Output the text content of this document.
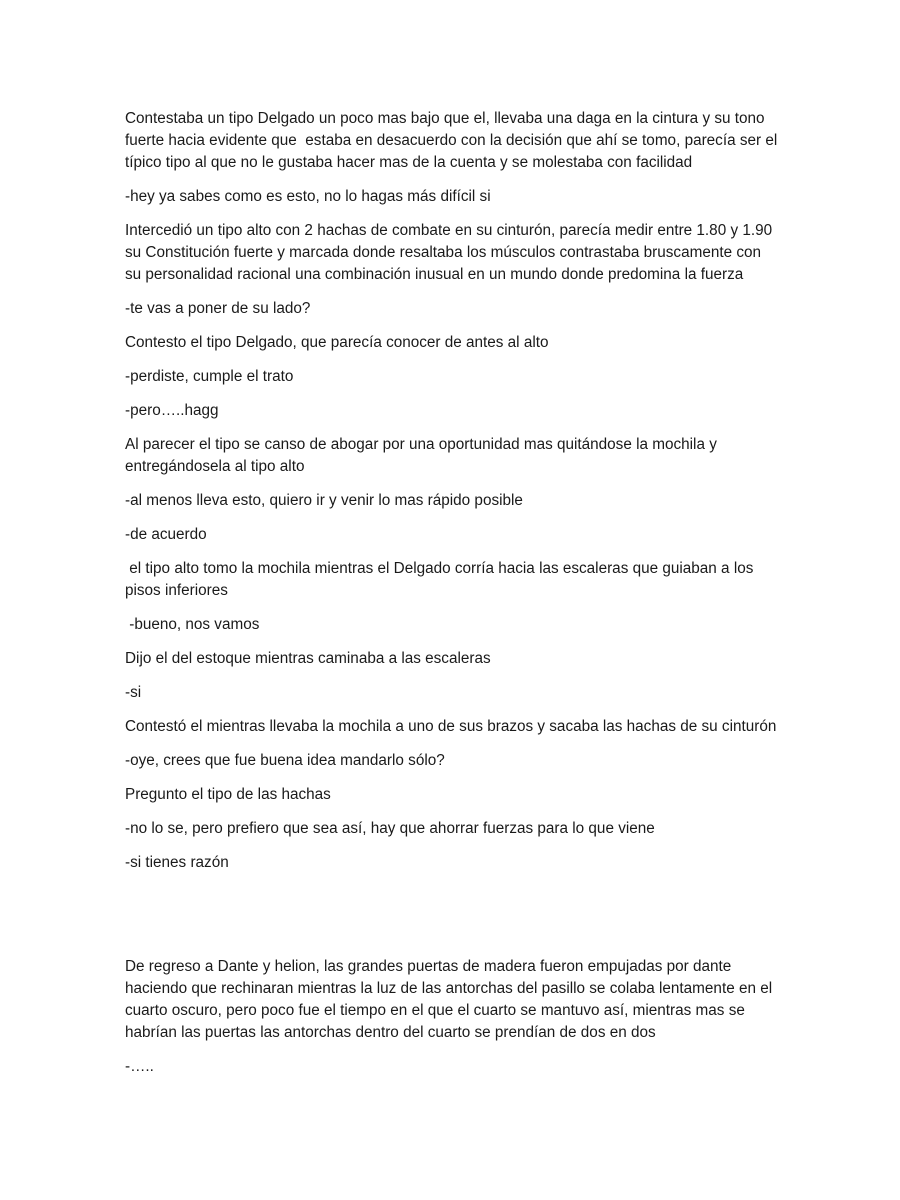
Contestaba un tipo Delgado un poco mas bajo que el, llevaba una daga en la cintura y su tono fuerte hacia evidente que  estaba en desacuerdo con la decisión que ahí se tomo, parecía ser el típico tipo al que no le gustaba hacer mas de la cuenta y se molestaba con facilidad

-hey ya sabes como es esto, no lo hagas más difícil si

Intercedió un tipo alto con 2 hachas de combate en su cinturón, parecía medir entre 1.80 y 1.90 su Constitución fuerte y marcada donde resaltaba los músculos contrastaba bruscamente con su personalidad racional una combinación inusual en un mundo donde predomina la fuerza

-te vas a poner de su lado?

Contesto el tipo Delgado, que parecía conocer de antes al alto

-perdiste, cumple el trato

-pero…..hagg

Al parecer el tipo se canso de abogar por una oportunidad mas quitándose la mochila y entregándosela al tipo alto

-al menos lleva esto, quiero ir y venir lo mas rápido posible

-de acuerdo

el tipo alto tomo la mochila mientras el Delgado corría hacia las escaleras que guiaban a los pisos inferiores

-bueno, nos vamos

Dijo el del estoque mientras caminaba a las escaleras

-si

Contestó el mientras llevaba la mochila a uno de sus brazos y sacaba las hachas de su cinturón

-oye, crees que fue buena idea mandarlo sólo?

Pregunto el tipo de las hachas

-no lo se, pero prefiero que sea así, hay que ahorrar fuerzas para lo que viene

-si tienes razón

De regreso a Dante y helion, las grandes puertas de madera fueron empujadas por dante haciendo que rechinaran mientras la luz de las antorchas del pasillo se colaba lentamente en el cuarto oscuro, pero poco fue el tiempo en el que el cuarto se mantuvo así, mientras mas se habrían las puertas las antorchas dentro del cuarto se prendían de dos en dos

-…..
